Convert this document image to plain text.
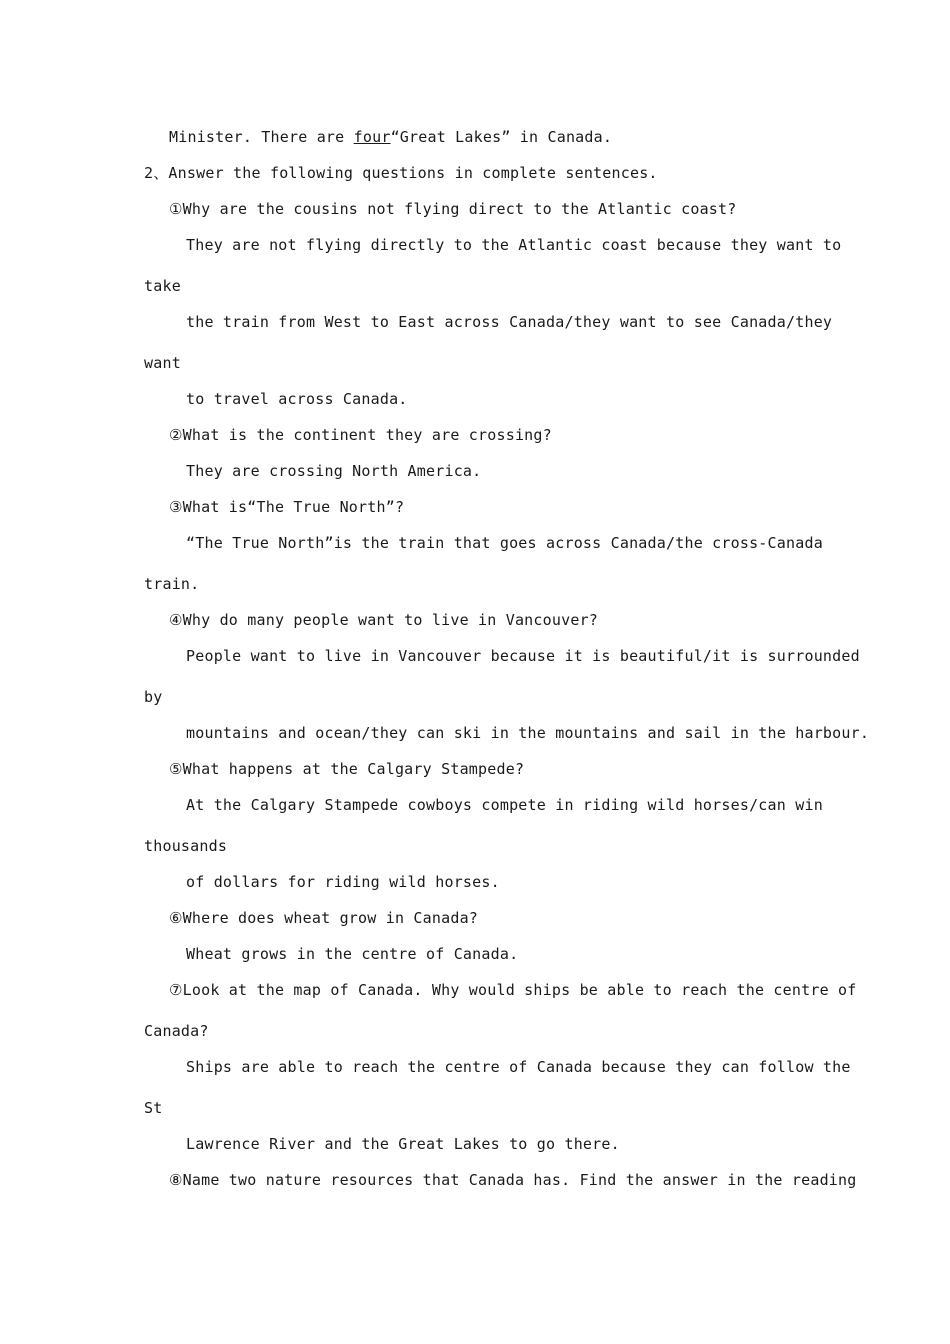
Minister. There are four“Great Lakes” in Canada.
2、Answer the following questions in complete sentences.
①Why are the cousins not flying direct to the Atlantic coast?
They are not flying directly to the Atlantic coast because they want to
take
the train from West to East across Canada/they want to see Canada/they
want
to travel across Canada.
②What is the continent they are crossing?
They are crossing North America.
③What is“The True North”?
“The True North”is the train that goes across Canada/the cross-Canada
train.
④Why do many people want to live in Vancouver?
People want to live in Vancouver because it is beautiful/it is surrounded
by
mountains and ocean/they can ski in the mountains and sail in the harbour.
⑤What happens at the Calgary Stampede?
At the Calgary Stampede cowboys compete in riding wild horses/can win
thousands
of dollars for riding wild horses.
⑥Where does wheat grow in Canada?
Wheat grows in the centre of Canada.
⑦Look at the map of Canada. Why would ships be able to reach the centre of
Canada?
Ships are able to reach the centre of Canada because they can follow the
St
Lawrence River and the Great Lakes to go there.
⑧Name two nature resources that Canada has. Find the answer in the reading
